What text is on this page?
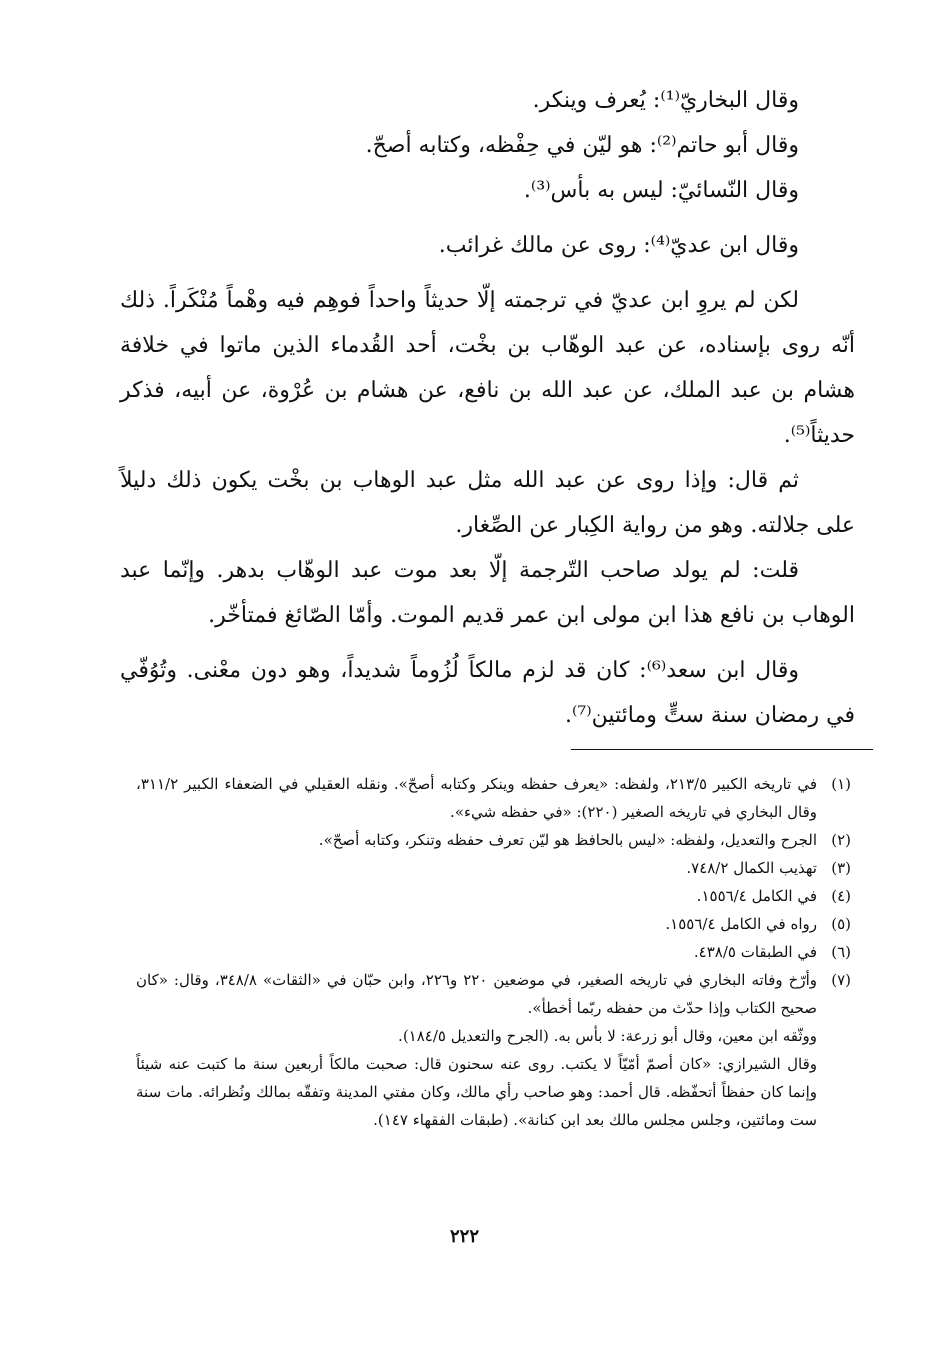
وقال البخاريّ⁽¹⁾: يُعرف وينكر.

وقال أبو حاتم⁽²⁾: هو ليّن في حِفْظه، وكتابه أصحّ.

وقال النّسائيّ: ليس به بأس⁽³⁾.

وقال ابن عديّ⁽⁴⁾: روى عن مالك غرائب.

لكن لم يروِ ابن عديّ في ترجمته إلّا حديثاً واحداً فوهِم فيه وهْماً مُنْكَراً. ذلك أنّه روى بإسناده، عن عبد الوهّاب بن بخْت، أحد القُدماء الذين ماتوا في خلافة هشام بن عبد الملك، عن عبد الله بن نافع، عن هشام بن عُرْوة، عن أبيه، فذكر حديثاً⁽⁵⁾.

ثم قال: وإذا روى عن عبد الله مثل عبد الوهاب بن بخْت يكون ذلك دليلاً على جلالته. وهو من رواية الكِبار عن الصِّغار.

قلت: لم يولد صاحب التّرجمة إلّا بعد موت عبد الوهّاب بدهر. وإنّما عبد الوهاب بن نافع هذا ابن مولى ابن عمر قديم الموت. وأمّا الصّائغ فمتأخّر.

وقال ابن سعد⁽⁶⁾: كان قد لزم مالكاً لُزُوماً شديداً، وهو دون معْنى. وتُوُفّي في رمضان سنة ستٍّ ومائتين⁽⁷⁾.

(١)

في تاريخه الكبير ٢١٣/٥، ولفظه: «يعرف حفظه وينكر وكتابه أصحّ». ونقله العقيلي في الضعفاء الكبير ٣١١/٢، وقال البخاري في تاريخه الصغير (٢٢٠): «في حفظه شيء».

(٢)

الجرح والتعديل، ولفظه: «ليس بالحافظ هو ليّن تعرف حفظه وتنكر، وكتابه أصحّ».

(٣)

تهذيب الكمال ٧٤٨/٢.

(٤)

في الكامل ١٥٥٦/٤.

(٥)

رواه في الكامل ١٥٥٦/٤.

(٦)

في الطبقات ٤٣٨/٥.

(٧)

وأرّخ وفاته البخاري في تاريخه الصغير، في موضعين ٢٢٠ و٢٢٦، وابن حبّان في «الثقات» ٣٤٨/٨، وقال: «كان صحيح الكتاب وإذا حدّث من حفظه ربّما أخطأ».

ووثّقه ابن معين، وقال أبو زرعة: لا بأس به. (الجرح والتعديل ١٨٤/٥).

وقال الشيرازي: «كان أصمّ أمّيّاً لا يكتب. روى عنه سحنون قال: صحبت مالكاً أربعين سنة ما كتبت عنه شيئاً وإنما كان حفظاً أتحفّظه. قال أحمد: وهو صاحب رأي مالك، وكان مفتي المدينة وتفقّه بمالك ونُظرائه. مات سنة ست ومائتين، وجلس مجلس مالك بعد ابن كنانة». (طبقات الفقهاء ١٤٧).

٢٢٢
